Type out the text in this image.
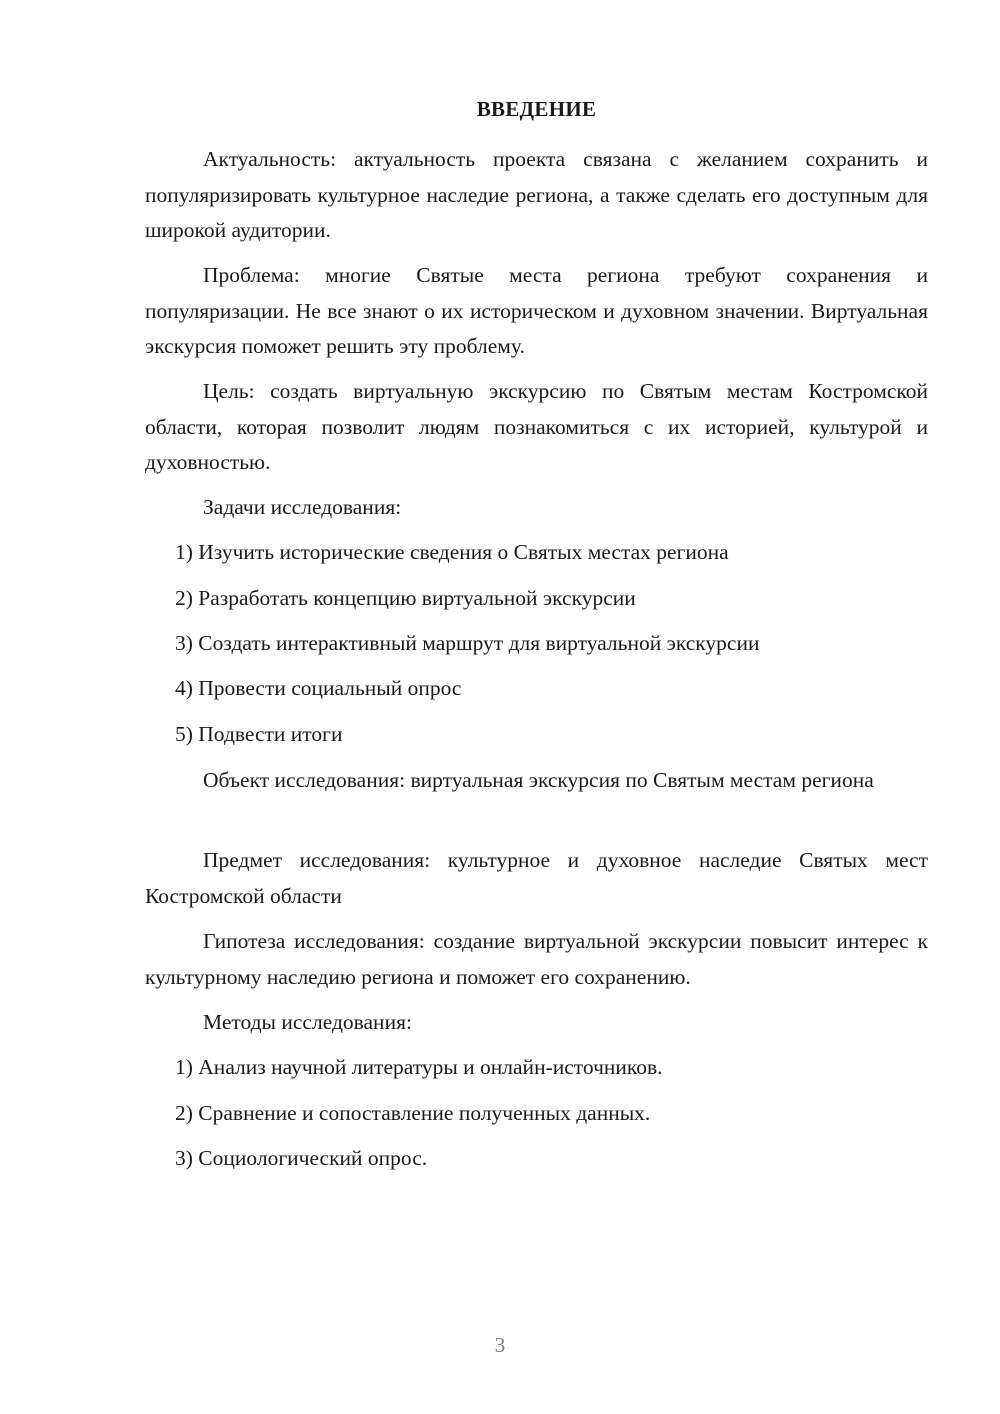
ВВЕДЕНИЕ
Актуальность: актуальность проекта связана с желанием сохранить и популяризировать культурное наследие региона, а также сделать его доступным для широкой аудитории.
Проблема: многие Святые места региона требуют сохранения и популяризации. Не все знают о их историческом и духовном значении. Виртуальная экскурсия поможет решить эту проблему.
Цель: создать виртуальную экскурсию по Святым местам Костромской области, которая позволит людям познакомиться с их историей, культурой и духовностью.
Задачи исследования:
1) Изучить исторические сведения о Святых местах региона
2) Разработать концепцию виртуальной экскурсии
3) Создать интерактивный маршрут для виртуальной экскурсии
4) Провести социальный опрос
5) Подвести итоги
Объект исследования: виртуальная экскурсия по Святым местам региона
Предмет исследования: культурное и духовное наследие Святых мест Костромской области
Гипотеза исследования: создание виртуальной экскурсии повысит интерес к культурному наследию региона и поможет его сохранению.
Методы исследования:
1) Анализ научной литературы и онлайн-источников.
2) Сравнение и сопоставление полученных данных.
3) Социологический опрос.
3
